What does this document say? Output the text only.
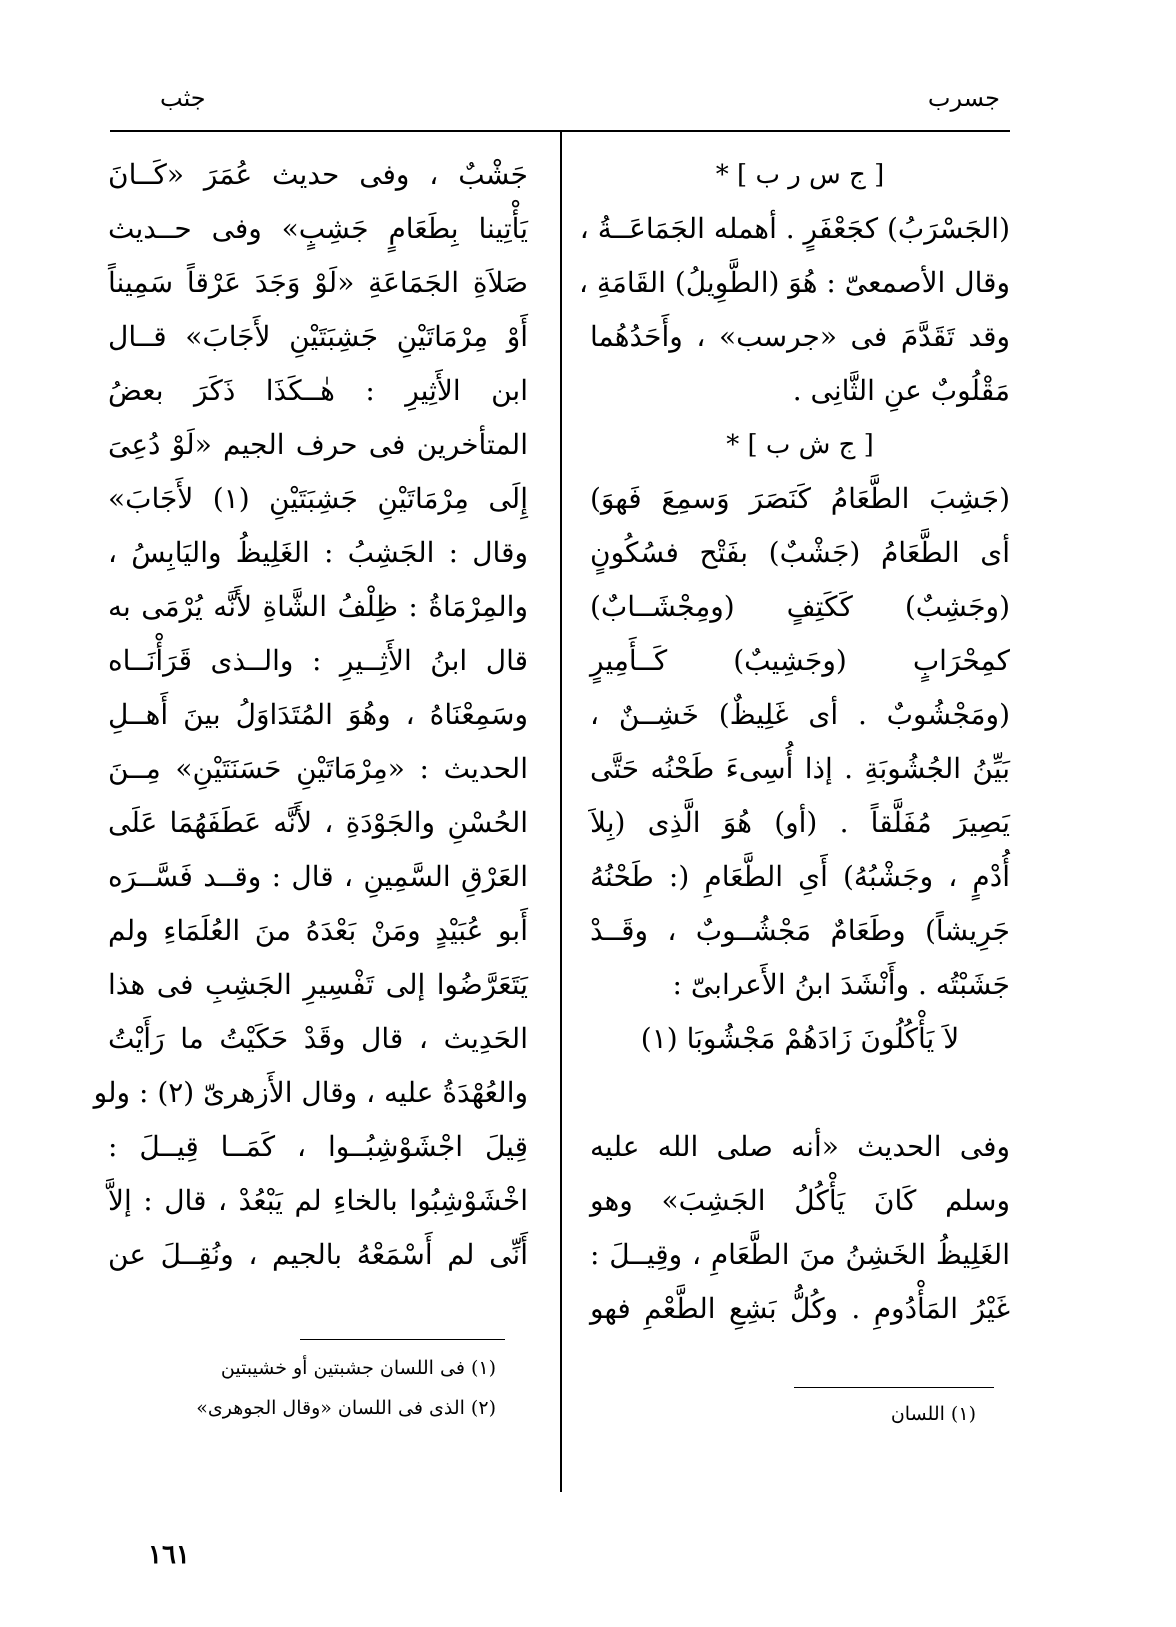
جسرب
جثب
[ ج س ر ب ] *
(الجَسْرَبُ) كجَعْفَرٍ . أهمله الجَمَاعَــةُ ،
وقال الأصمعىّ : هُوَ (الطَّوِيلُ) القَامَةِ ،
وقد تَقَدَّمَ فى «جرسب» ، وأَحَدُهُما
مَقْلُوبٌ عنِ الثَّانِى .
[ ج ش ب ] *
(جَشِبَ الطَّعَامُ كَنَصَرَ وَسمِعَ فَهوَ)
أى الطَّعَامُ (جَشْبٌ) بفَتْح فسُكُونٍ
(وجَشِبٌ) كَكَتِفٍ (ومِجْشَــابٌ)
كمِحْرَابٍ (وجَشِيبٌ) كَــأَمِيرٍ
(ومَجْشُوبٌ . أى غَلِيظٌ) خَشِــنٌ ،
بَيِّنُ الجُشُوبَةِ . إذا أُسِىءَ طَحْنُه حَتَّى
يَصِيرَ مُفَلَّقاً . (أو) هُوَ الَّذِى (بِلاَ
أُدْمٍ ، وجَشْبُهُ) أَىِ الطَّعَامِ (: طَحْنُهُ
جَرِيشاً) وطَعَامٌ مَجْشُــوبٌ ، وقَــدْ
جَشَبْتُه . وأَنْشَدَ ابنُ الأَعرابىّ :
لاَ يَأْكُلُونَ زَادَهُمْ مَجْشُوبَا (١)
وفى الحديث «أنه صلى الله عليه
وسلم كَانَ يَأْكُلُ الجَشِبَ» وهو
الغَلِيظُ الخَشِنُ منَ الطَّعَامِ ، وقِيــلَ :
غَيْرُ المَأْدُومِ . وكُلُّ بَشِعِ الطَّعْمِ فهو
جَشْبٌ ، وفى حديث عُمَرَ «كَــانَ
يَأْتِينا بِطَعَامٍ جَشِبٍ» وفى حــديث
صَلاَةِ الجَمَاعَةِ «لَوْ وَجَدَ عَرْقاً سَمِيناً
أَوْ مِرْمَاتَيْنِ جَشِبَتَيْنِ لأَجَابَ» قــال
ابن الأَثِيرِ : هٰــكَذَا ذَكَرَ بعضُ
المتأخرين فى حرف الجيم «لَوْ دُعِىَ
إِلَى مِرْمَاتَيْنِ جَشِبَتَيْنِ (١) لأَجَابَ»
وقال : الجَشِبُ : الغَلِيظُ واليَابِسُ ،
والمِرْمَاةُ : ظِلْفُ الشَّاةِ لأَنَّه يُرْمَى به
قال ابنُ الأَثِــيرِ : والــذى قَرَأْنَــاه
وسَمِعْنَاهُ ، وهُوَ المُتَدَاوَلُ بينَ أَهــلِ
الحديث : «مِرْمَاتَيْنِ حَسَنَتَيْنِ» مِــنَ
الحُسْنِ والجَوْدَةِ ، لأَنَّه عَطَفَهُمَا عَلَى
العَرْقِ السَّمِينِ ، قال : وقــد فَسَّــرَه
أَبو عُبَيْدٍ ومَنْ بَعْدَهُ منَ العُلَمَاءِ ولم
يَتَعَرَّضُوا إلى تَفْسِيرِ الجَشِبِ فى هذا
الحَدِيث ، قال وقَدْ حَكَيْتُ ما رَأَيْتُ
والعُهْدَةُ عليه ، وقال الأَزهرىّ (٢) : ولو
قِيلَ اجْشَوْشِبُــوا ، كَمَــا قِيــلَ :
اخْشَوْشِبُوا بالخاءِ لم يَبْعُدْ ، قال : إلاَّ
أَنِّى لم أَسْمَعْهُ بالجيم ، ونُقِــلَ عن
(١) اللسان
(١) فى اللسان جشبتين أو خشيبتين
(٢) الذى فى اللسان «وقال الجوهرى»
١٦١
